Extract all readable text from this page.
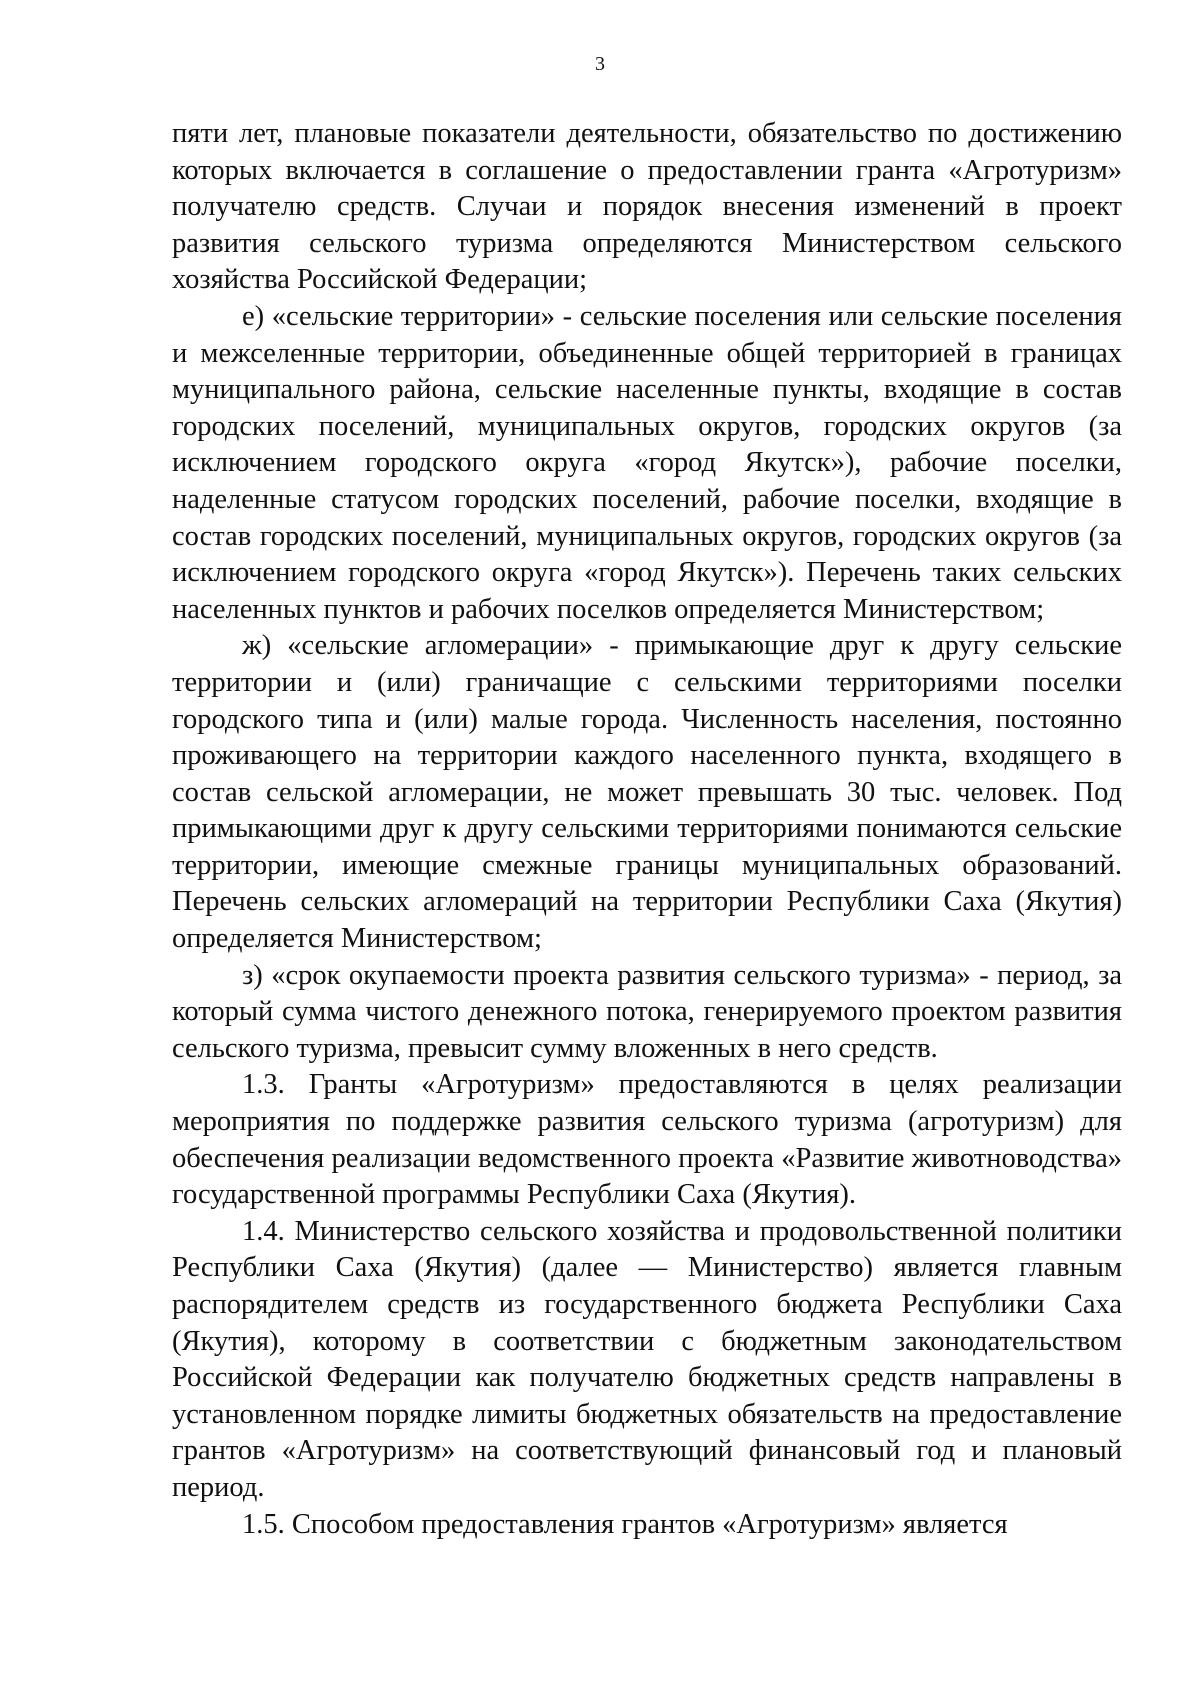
3

пяти лет, плановые показатели деятельности, обязательство по достижению которых включается в соглашение о предоставлении гранта «Агротуризм» получателю средств. Случаи и порядок внесения изменений в проект развития сельского туризма определяются Министерством сельского хозяйства Российской Федерации;

е) «сельские территории» - сельские поселения или сельские поселения и межселенные территории, объединенные общей территорией в границах муниципального района, сельские населенные пункты, входящие в состав городских поселений, муниципальных округов, городских округов (за исключением городского округа «город Якутск»), рабочие поселки, наделенные статусом городских поселений, рабочие поселки, входящие в состав городских поселений, муниципальных округов, городских округов (за исключением городского округа «город Якутск»). Перечень таких сельских населенных пунктов и рабочих поселков определяется Министерством;

ж) «сельские агломерации» - примыкающие друг к другу сельские территории и (или) граничащие с сельскими территориями поселки городского типа и (или) малые города. Численность населения, постоянно проживающего на территории каждого населенного пункта, входящего в состав сельской агломерации, не может превышать 30 тыс. человек. Под примыкающими друг к другу сельскими территориями понимаются сельские территории, имеющие смежные границы муниципальных образований. Перечень сельских агломераций на территории Республики Саха (Якутия) определяется Министерством;

з) «срок окупаемости проекта развития сельского туризма» - период, за который сумма чистого денежного потока, генерируемого проектом развития сельского туризма, превысит сумму вложенных в него средств.

1.3. Гранты «Агротуризм» предоставляются в целях реализации мероприятия по поддержке развития сельского туризма (агротуризм) для обеспечения реализации ведомственного проекта «Развитие животноводства» государственной программы Республики Саха (Якутия).

1.4. Министерство сельского хозяйства и продовольственной политики Республики Саха (Якутия) (далее — Министерство) является главным распорядителем средств из государственного бюджета Республики Саха (Якутия), которому в соответствии с бюджетным законодательством Российской Федерации как получателю бюджетных средств направлены в установленном порядке лимиты бюджетных обязательств на предоставление грантов «Агротуризм» на соответствующий финансовый год и плановый период.

1.5. Способом предоставления грантов «Агротуризм» является
